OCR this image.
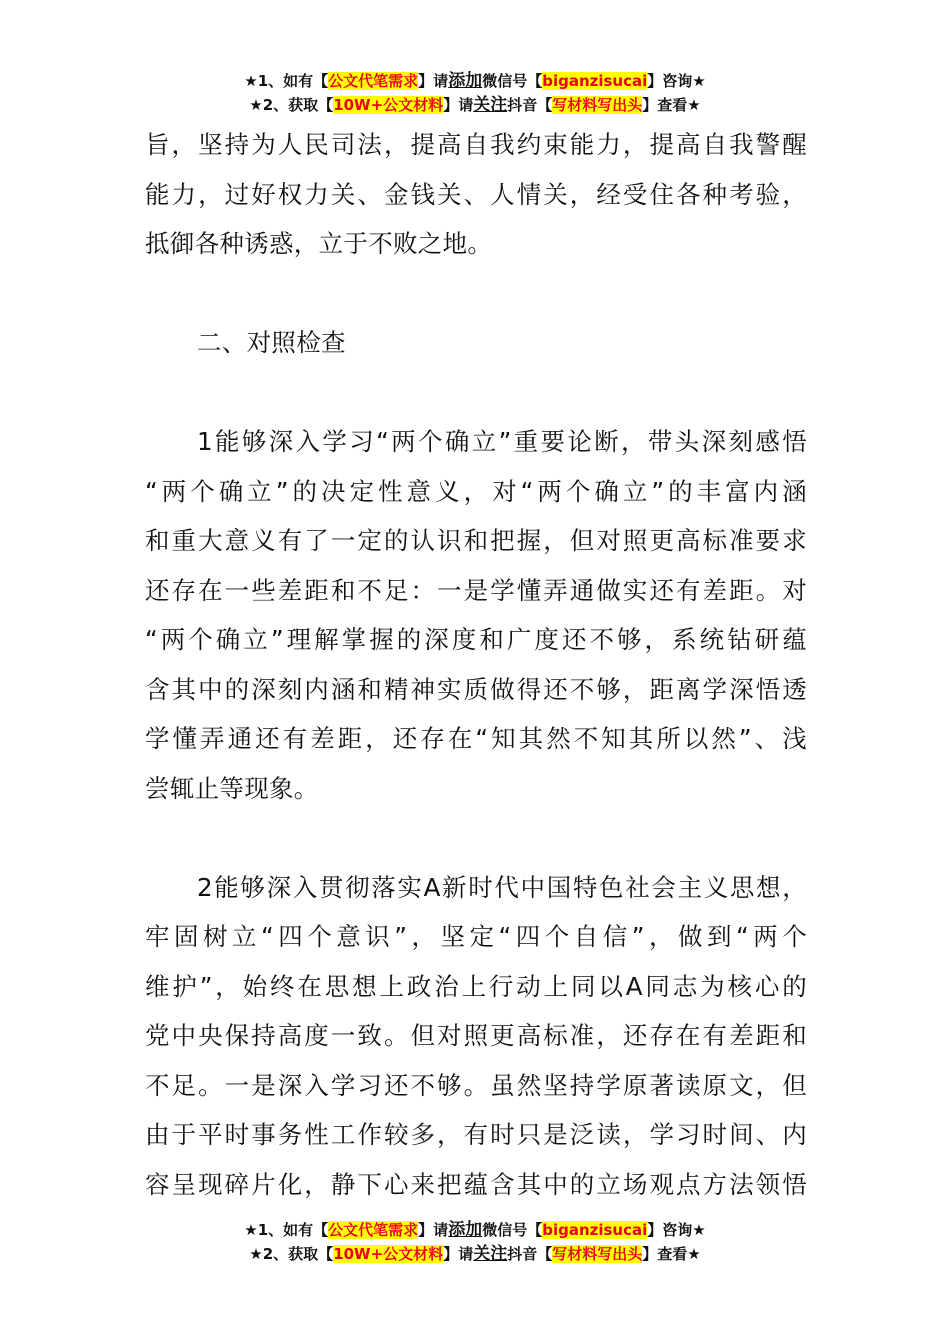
★1、如有【公文代笔需求】请添加微信号【biganzisucai】咨询★
★2、获取【10W+公文材料】请关注抖音【写材料写出头】查看★
旨，坚持为人民司法，提高自我约束能力，提高自我警醒
能力，过好权力关、金钱关、人情关，经受住各种考验，
抵御各种诱惑，立于不败之地。
二、对照检查
1能够深入学习“两个确立”重要论断，带头深刻感悟
“两个确立”的决定性意义，对“两个确立”的丰富内涵
和重大意义有了一定的认识和把握，但对照更高标准要求
还存在一些差距和不足：一是学懂弄通做实还有差距。对
“两个确立”理解掌握的深度和广度还不够，系统钻研蕴
含其中的深刻内涵和精神实质做得还不够，距离学深悟透
学懂弄通还有差距，还存在“知其然不知其所以然”、浅
尝辄止等现象。
2能够深入贯彻落实A新时代中国特色社会主义思想，
牢固树立“四个意识”，坚定“四个自信”，做到“两个
维护”，始终在思想上政治上行动上同以A同志为核心的
党中央保持高度一致。但对照更高标准，还存在有差距和
不足。一是深入学习还不够。虽然坚持学原著读原文，但
由于平时事务性工作较多，有时只是泛读，学习时间、内
容呈现碎片化，静下心来把蕴含其中的立场观点方法领悟
★1、如有【公文代笔需求】请添加微信号【biganzisucai】咨询★
★2、获取【10W+公文材料】请关注抖音【写材料写出头】查看★
